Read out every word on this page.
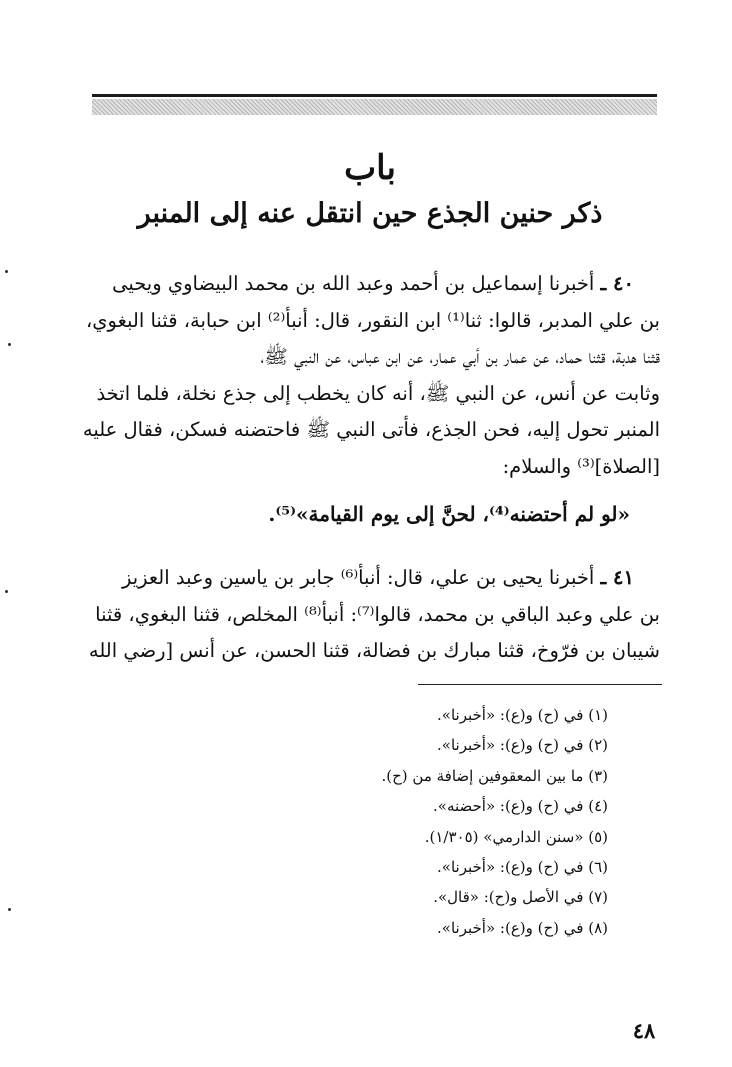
باب
ذكر حنين الجذع حين انتقل عنه إلى المنبر
٤٠ ـ أخبرنا إسماعيل بن أحمد وعبد الله بن محمد البيضاوي ويحيى
بن علي المدبر، قالوا: ثنا⁽¹⁾ ابن النقور، قال: أنبأ⁽²⁾ ابن حبابة، قثنا البغوي،
قثنا هدبة، قثنا حماد، عن عمار بن أبي عمار، عن ابن عباس، عن النبي ﷺ،
وثابت عن أنس، عن النبي ﷺ، أنه كان يخطب إلى جذع نخلة، فلما اتخذ
المنبر تحول إليه، فحن الجذع، فأتى النبي ﷺ فاحتضنه فسكن، فقال عليه
[الصلاة]⁽³⁾ والسلام:
«لو لم أحتضنه⁽⁴⁾، لحنَّ إلى يوم القيامة»⁽⁵⁾.
٤١ ـ أخبرنا يحيى بن علي، قال: أنبأ⁽⁶⁾ جابر بن ياسين وعبد العزيز
بن علي وعبد الباقي بن محمد، قالوا⁽⁷⁾: أنبأ⁽⁸⁾ المخلص، قثنا البغوي، قثنا
شيبان بن فرّوخ، قثنا مبارك بن فضالة، قثنا الحسن، عن أنس [رضي الله
(١) في (ح) و(ع): «أخبرنا».
(٢) في (ح) و(ع): «أخبرنا».
(٣) ما بين المعقوفين إضافة من (ح).
(٤) في (ح) و(ع): «أحضنه».
(٥) «سنن الدارمي» (١/٣٠٥).
(٦) في (ح) و(ع): «أخبرنا».
(٧) في الأصل و(ح): «قال».
(٨) في (ح) و(ع): «أخبرنا».
٤٨
